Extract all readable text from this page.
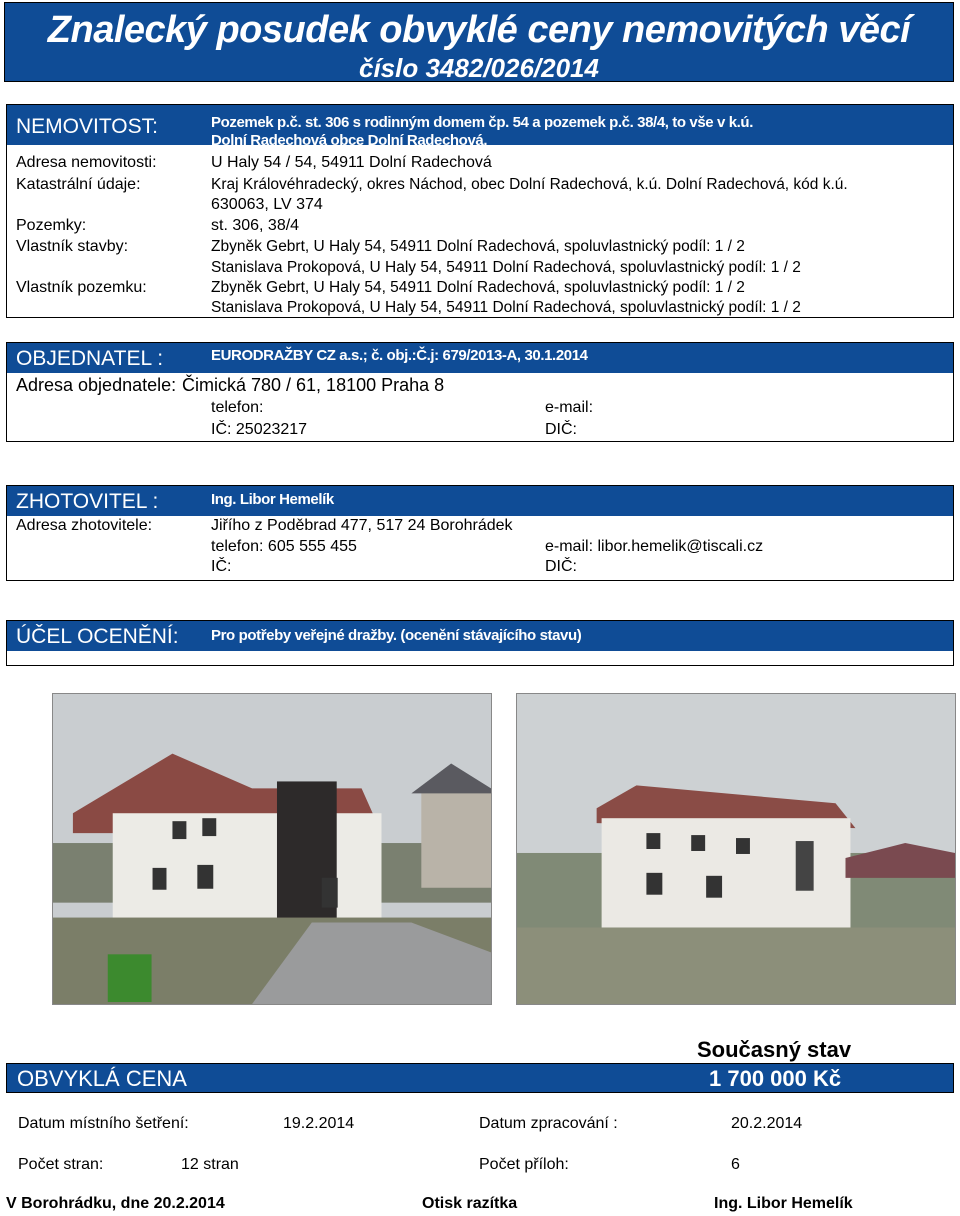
Znalecký posudek obvyklé ceny nemovitých věcí
číslo 3482/026/2014
NEMOVITOST:	Pozemek p.č. st. 306 s rodinným domem čp. 54 a pozemek p.č. 38/4, to vše v k.ú.
Dolní Radechová obce Dolní Radechová.
Adresa nemovitosti:	U Haly 54 / 54, 54911 Dolní Radechová
Katastrální údaje:	Kraj Královéhradecký, okres Náchod, obec Dolní Radechová, k.ú. Dolní Radechová, kód k.ú.
630063, LV 374
Pozemky:	st. 306, 38/4
Vlastník stavby:	Zbyněk Gebrt, U Haly 54, 54911 Dolní Radechová, spoluvlastnický podíl: 1 / 2
Stanislava Prokopová, U Haly 54, 54911 Dolní Radechová, spoluvlastnický podíl: 1 / 2
Vlastník pozemku:	Zbyněk Gebrt, U Haly 54, 54911 Dolní Radechová, spoluvlastnický podíl: 1 / 2
Stanislava Prokopová, U Haly 54, 54911 Dolní Radechová, spoluvlastnický podíl: 1 / 2
OBJEDNATEL :	EURODRAŽBY CZ a.s.; č. obj.:Č.j: 679/2013-A, 30.1.2014
Adresa objednatele: Čimická 780 / 61, 18100 Praha 8
telefon:	e-mail:
IČ: 25023217	DIČ:
ZHOTOVITEL :	Ing. Libor Hemelík
Adresa zhotovitele:	Jiřího z Poděbrad 477, 517 24 Borohrádek
telefon: 605 555 455	e-mail: libor.hemelik@tiscali.cz
IČ:	DIČ:
ÚČEL OCENĚNÍ: Pro potřeby veřejné dražby. (ocenění stávajícího stavu)
Současný stav
OBVYKLÁ CENA	1 700 000 Kč
Datum místního šetření:	19.2.2014	Datum zpracování :	20.2.2014
Počet stran:	12 stran	Počet příloh:	6
V Borohrádku, dne 20.2.2014	Otisk razítka	Ing. Libor Hemelík
